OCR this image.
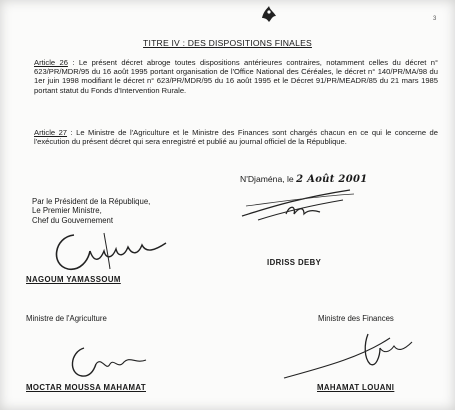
3
TITRE IV : DES DISPOSITIONS FINALES
Article 26 : Le présent décret abroge toutes dispositions antérieures contraires, notamment celles du décret n° 623/PR/MDR/95 du 16 août 1995 portant organisation de l'Office National des Céréales, le décret n° 140/PR/MA/98 du 1er juin 1998 modifiant le décret n° 623/PR/MDR/95 du 16 août 1995 et le Décret 91/PR/MEADR/85 du 21 mars 1985 portant statut du Fonds d'Intervention Rurale.
Article 27 : Le Ministre de l'Agriculture et le Ministre des Finances sont chargés chacun en ce qui le concerne de l'exécution du présent décret qui sera enregistré et publié au journal officiel de la République.
N'Djaména, le 2 Août 2001
Par le Président de la République,
Le Premier Ministre,
Chef du Gouvernement
NAGOUM YAMASSOUM
IDRISS DEBY
Ministre de l'Agriculture	Ministre des Finances
MOCTAR MOUSSA MAHAMAT	MAHAMAT LOUANI
